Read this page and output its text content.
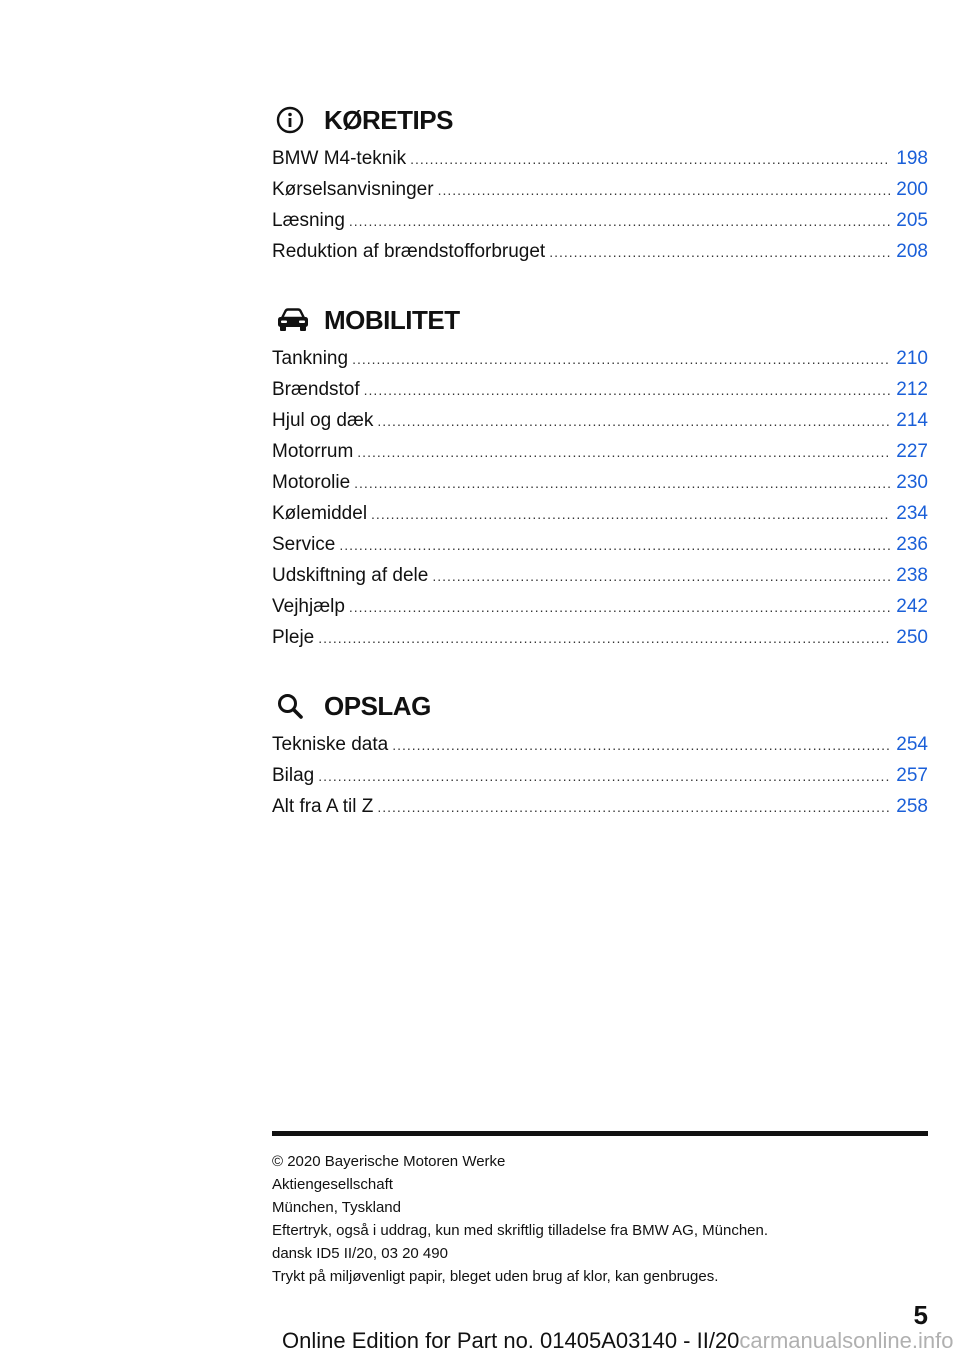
KØRETIPS
BMW M4-teknik .....	198
Kørselsanvisninger .....	200
Læsning .....	205
Reduktion af brændstofforbruget .....	208
MOBILITET
Tankning .....	210
Brændstof .....	212
Hjul og dæk .....	214
Motorrum .....	227
Motorolie .....	230
Kølemiddel .....	234
Service .....	236
Udskiftning af dele .....	238
Vejhjælp .....	242
Pleje .....	250
OPSLAG
Tekniske data .....	254
Bilag .....	257
Alt fra A til Z .....	258
© 2020 Bayerische Motoren Werke
Aktiengesellschaft
München, Tyskland
Eftertryk, også i uddrag, kun med skriftlig tilladelse fra BMW AG, München.
dansk ID5 II/20, 03 20 490
Trykt på miljøvenligt papir, bleget uden brug af klor, kan genbruges.
5
Online Edition for Part no. 01405A03140 - II/20carmanualsonline.info
